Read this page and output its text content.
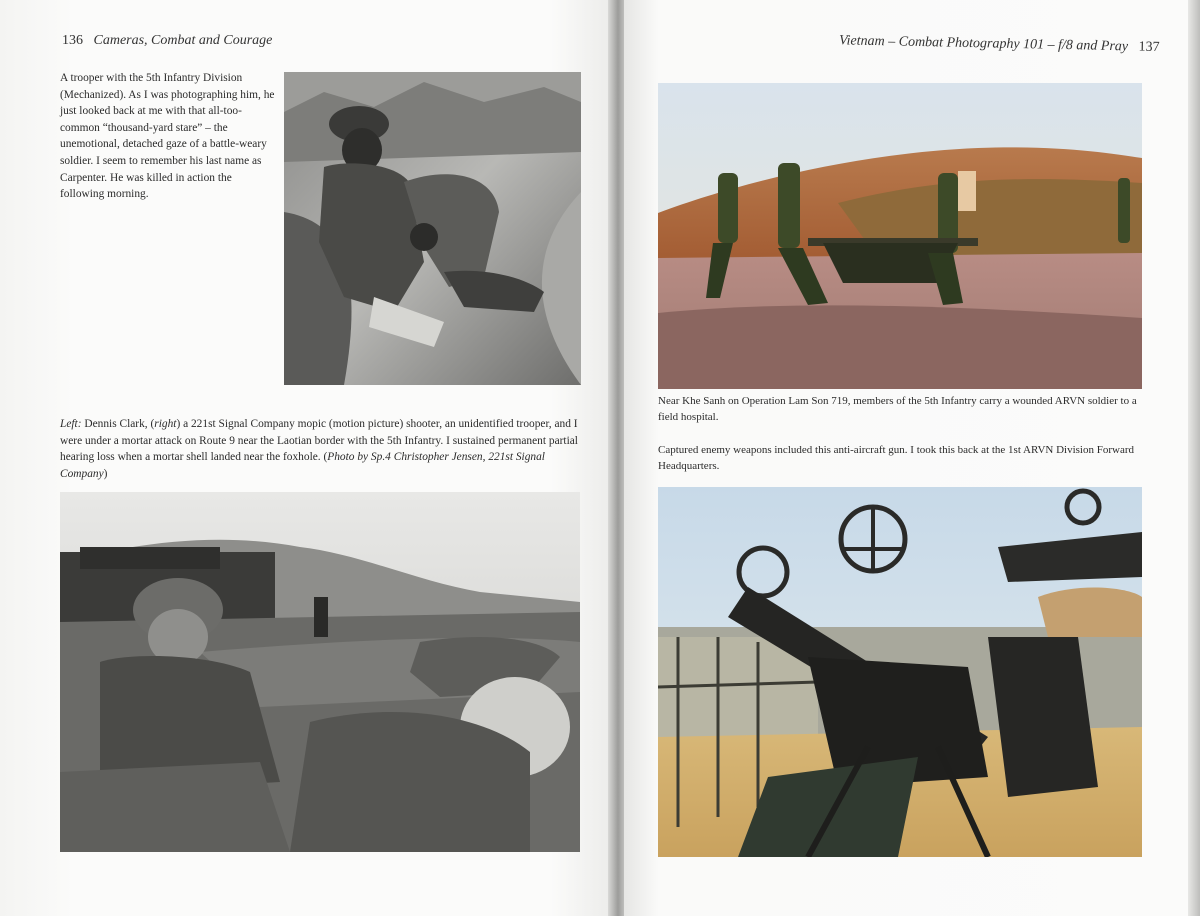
136 Cameras, Combat and Courage

A trooper with the 5th Infantry Division (Mechanized). As I was photographing him, he just looked back at me with that all-too-common “thousand-yard stare” – the unemotional, detached gaze of a battle-weary soldier. I seem to remember his last name as Carpenter. He was killed in action the following morning.

Left: Dennis Clark, (right) a 221st Signal Company mopic (motion picture) shooter, an unidentified trooper, and I were under a mortar attack on Route 9 near the Laotian border with the 5th Infantry. I sustained permanent partial hearing loss when a mortar shell landed near the foxhole. (Photo by Sp.4 Christopher Jensen, 221st Signal Company)

Vietnam – Combat Photography 101 – f/8 and Pray 137

Near Khe Sanh on Operation Lam Son 719, members of the 5th Infantry carry a wounded ARVN soldier to a field hospital.

Captured enemy weapons included this anti-aircraft gun. I took this back at the 1st ARVN Division Forward Headquarters.
